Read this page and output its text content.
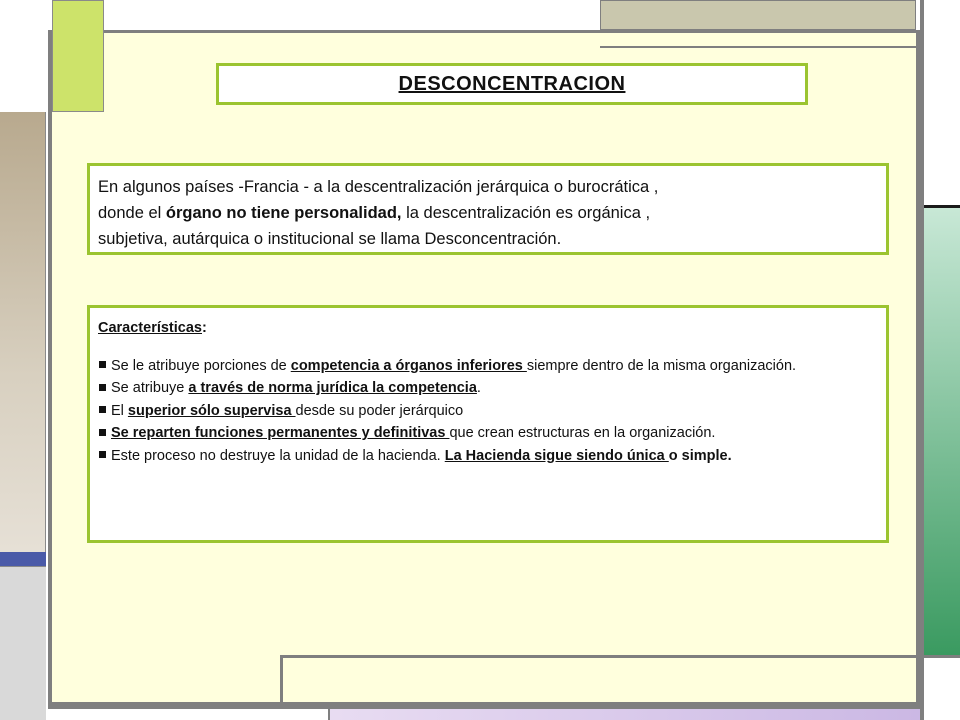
DESCONCENTRACION
En algunos países -Francia - a la descentralización jerárquica o burocrática ,
donde el órgano no tiene personalidad, la descentralización es orgánica ,
subjetiva, autárquica o institucional se llama Desconcentración.
Características:
Se le atribuye porciones de competencia a órganos inferiores siempre dentro de la misma organización.
Se atribuye a través de norma jurídica la competencia.
El superior sólo supervisa desde su poder jerárquico
Se reparten funciones permanentes y definitivas que crean estructuras en la organización.
Este proceso no destruye la unidad de la hacienda. La Hacienda sigue siendo única o simple.
